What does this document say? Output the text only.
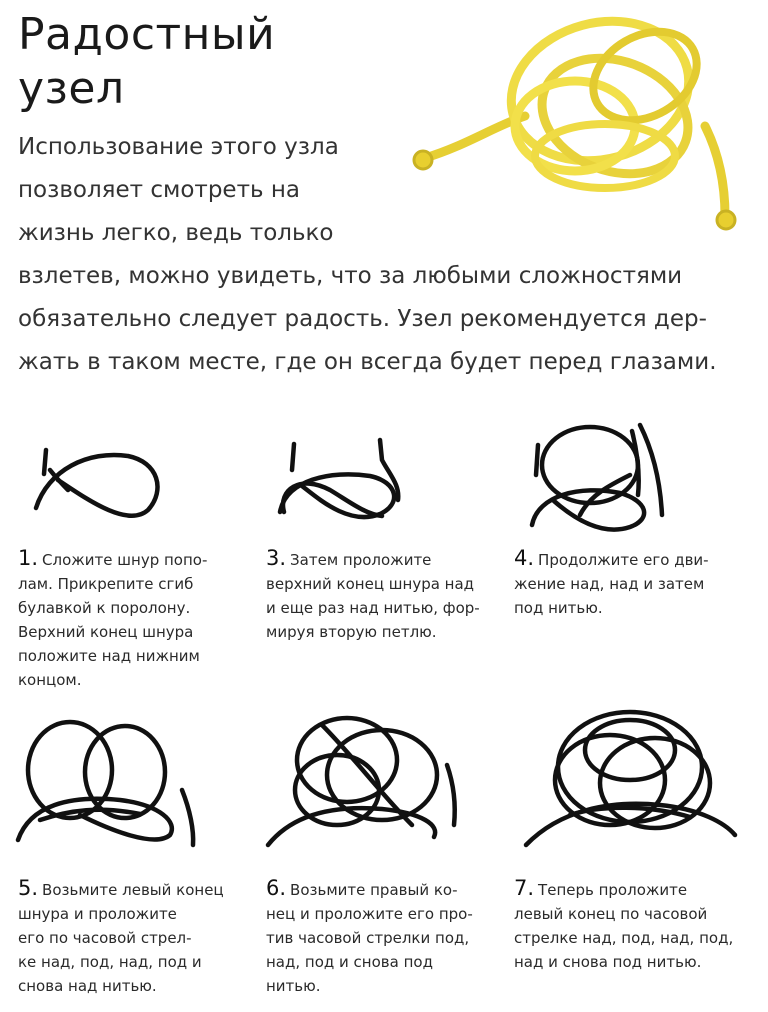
Радостный
узел

Использование этого узла
позволяет смотреть на
жизнь легко, ведь только
взлетев, можно увидеть, что за любыми сложностями
обязательно следует радость. Узел рекомендуется дер-
жать в таком месте, где он всегда будет перед глазами.

1. Сложите шнур попо-
лам. Прикрепите сгиб
булавкой к поролону.
Верхний конец шнура
положите над нижним
концом.

3. Затем проложите
верхний конец шнура над
и еще раз над нитью, фор-
мируя вторую петлю.

4. Продолжите его дви-
жение над, над и затем
под нитью.

5. Возьмите левый конец
шнура и проложите
его по часовой стрел-
ке над, под, над, под и
снова над нитью.

6. Возьмите правый ко-
нец и проложите его про-
тив часовой стрелки под,
над, под и снова под
нитью.

7. Теперь проложите
левый конец по часовой
стрелке над, под, над, под,
над и снова под нитью.
